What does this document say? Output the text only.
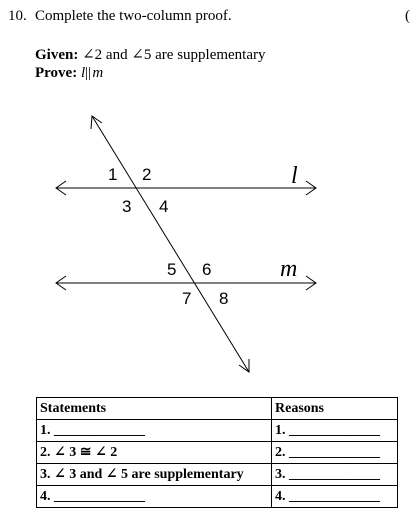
10. Complete the two-column proof.	(
Given: ∠2 and ∠5 are supplementary
Prove: l|| m
1 2
3 4
5 6
7 8
l
m
Statements	Reasons
1. _____________	1. _____________
2. ∠ 3 ≅ ∠ 2	2. _____________
3. ∠ 3 and ∠ 5 are supplementary	3. _____________
4. _____________	4. _____________
